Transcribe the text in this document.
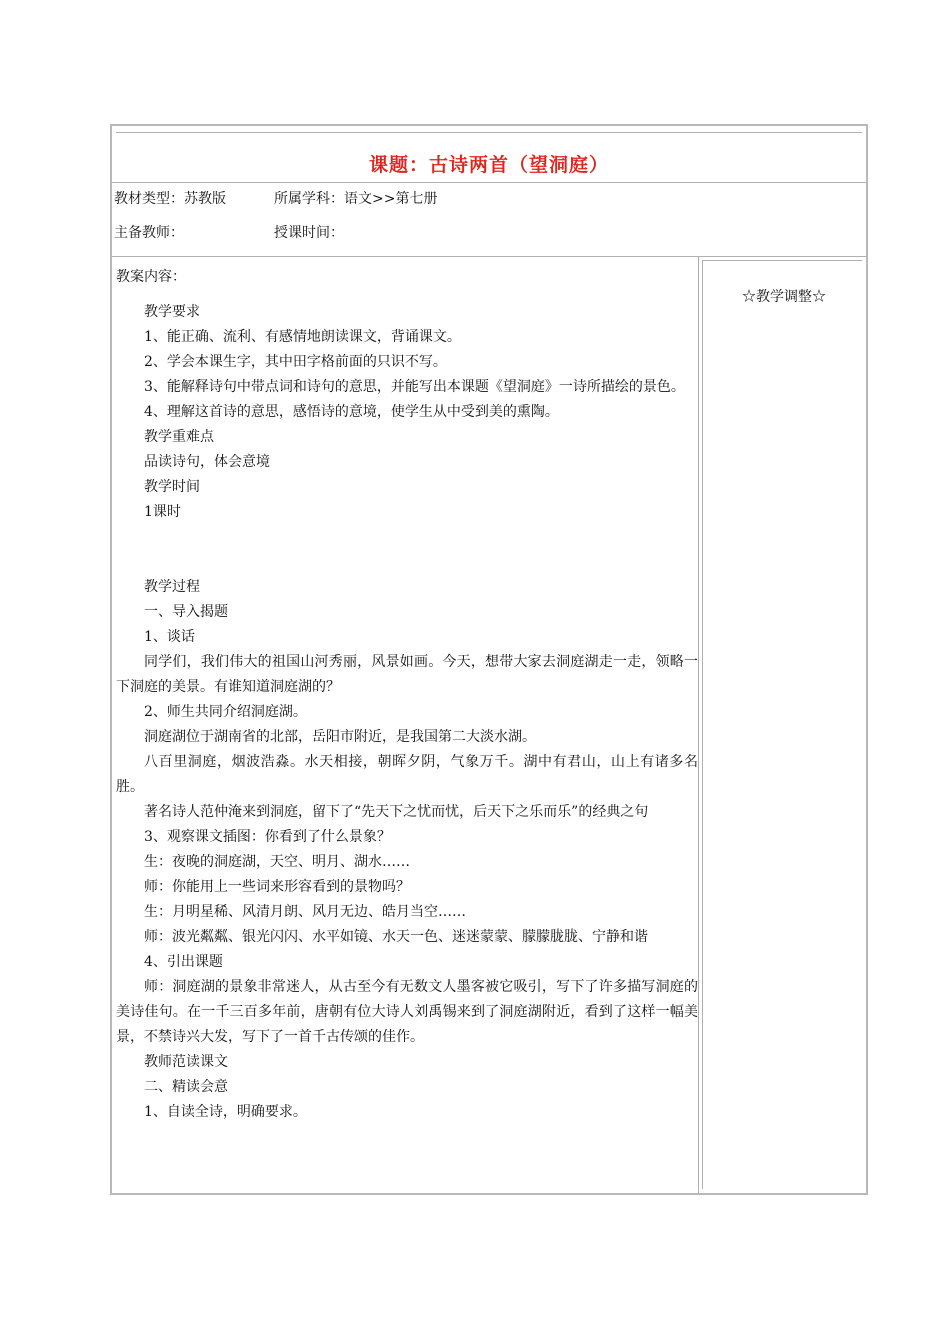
课题：古诗两首（望洞庭）
教材类型：苏教版	所属学科：语文>>第七册
主备教师：	授课时间：
教案内容：
☆教学调整☆

教学要求

1、能正确、流利、有感情地朗读课文，背诵课文。

2、学会本课生字，其中田字格前面的只识不写。

3、能解释诗句中带点词和诗句的意思，并能写出本课题《望洞庭》一诗所描绘的景色。

4、理解这首诗的意思，感悟诗的意境，使学生从中受到美的熏陶。

教学重难点

品读诗句，体会意境

教学时间

1课时

教学过程

一、导入揭题

1、谈话

同学们，我们伟大的祖国山河秀丽，风景如画。今天，想带大家去洞庭湖走一走，领略一下洞庭的美景。有谁知道洞庭湖的？

2、师生共同介绍洞庭湖。

洞庭湖位于湖南省的北部，岳阳市附近，是我国第二大淡水湖。

八百里洞庭，烟波浩淼。水天相接，朝晖夕阴，气象万千。湖中有君山，山上有诸多名胜。

著名诗人范仲淹来到洞庭，留下了“先天下之忧而忧，后天下之乐而乐”的经典之句

3、观察课文插图：你看到了什么景象？

生：夜晚的洞庭湖，天空、明月、湖水……

师：你能用上一些词来形容看到的景物吗？

生：月明星稀、风清月朗、风月无边、皓月当空……

师：波光粼粼、银光闪闪、水平如镜、水天一色、迷迷蒙蒙、朦朦胧胧、宁静和谐

4、引出课题

师：洞庭湖的景象非常迷人，从古至今有无数文人墨客被它吸引，写下了许多描写洞庭的美诗佳句。在一千三百多年前，唐朝有位大诗人刘禹锡来到了洞庭湖附近，看到了这样一幅美景，不禁诗兴大发，写下了一首千古传颂的佳作。

教师范读课文

二、精读会意

1、自读全诗，明确要求。
